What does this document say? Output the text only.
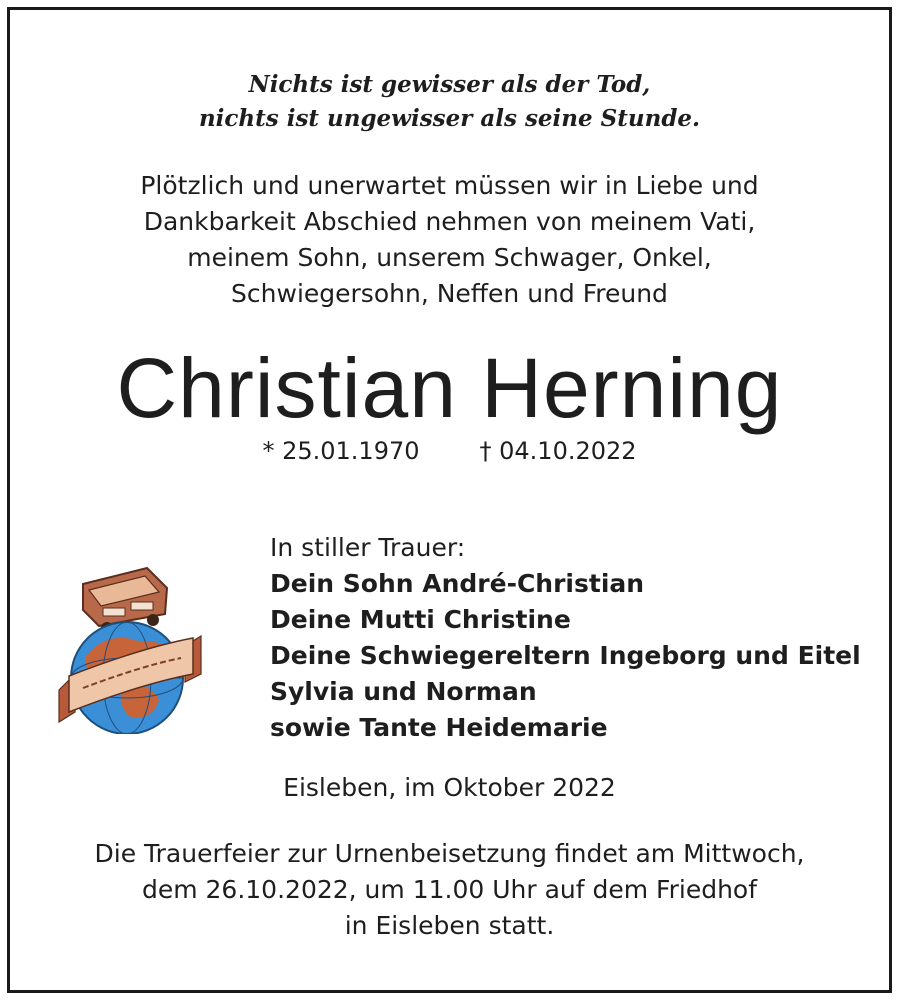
Nichts ist gewisser als der Tod,
nichts ist ungewisser als seine Stunde.
Plötzlich und unerwartet müssen wir in Liebe und
Dankbarkeit Abschied nehmen von meinem Vati,
meinem Sohn, unserem Schwager, Onkel,
Schwiegersohn, Neffen und Freund
Christian Herning
* 25.01.1970	† 04.10.2022
In stiller Trauer:
Dein Sohn André-Christian
Deine Mutti Christine
Deine Schwiegereltern Ingeborg und Eitel
Sylvia und Norman
sowie Tante Heidemarie
Eisleben, im Oktober 2022
Die Trauerfeier zur Urnenbeisetzung findet am Mittwoch,
dem 26.10.2022, um 11.00 Uhr auf dem Friedhof
in Eisleben statt.
